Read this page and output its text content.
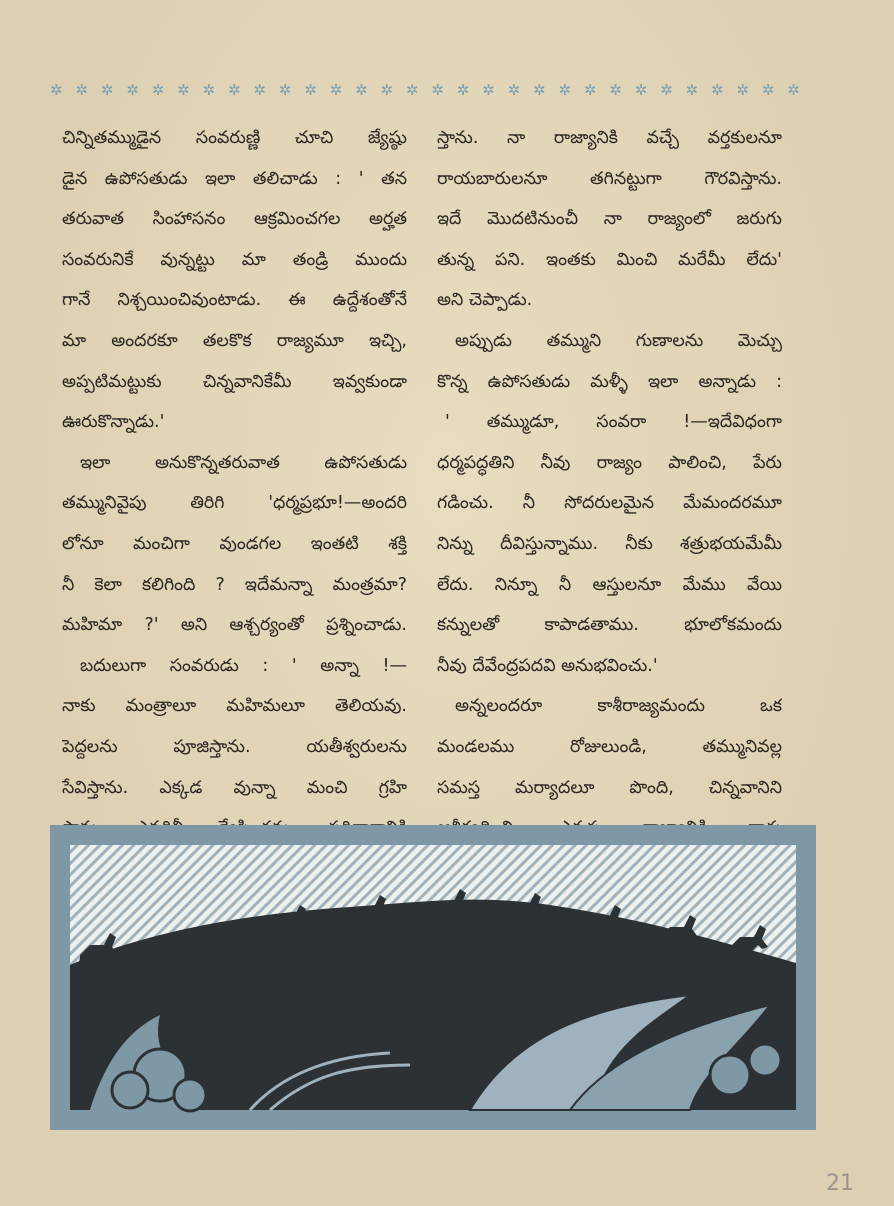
✲ ✲ ✲ ✲ ✲ ✲ ✲ ✲ ✲ ✲ ✲ ✲ ✲ ✲ ✲ ✲ ✲ ✲ ✲ ✲ ✲ ✲ ✲ ✲ ✲ ✲ ✲ ✲ ✲ ✲
చిన్నితమ్ముడైన సంవరుణ్ణి చూచి జ్యేష్ఠు
డైన ఉపోసతుడు ఇలా తలిచాడు : ' తన
తరువాత సింహాసనం ఆక్రమించగల అర్హత
సంవరునికే వున్నట్టు మా తండ్రి ముందు
గానే నిశ్చయించివుంటాడు. ఈ ఉద్దేశంతోనే
మా అందరకూ తలకొక రాజ్యమూ ఇచ్చి,
అప్పటిమట్టుకు చిన్నవానికేమీ ఇవ్వకుండా
ఊరుకొన్నాడు.'
ఇలా అనుకొన్నతరువాత ఉపోసతుడు
తమ్మునివైపు తిరిగి 'ధర్మప్రభూ!—అందరి
లోనూ మంచిగా వుండగల ఇంతటి శక్తి
నీ కెలా కలిగింది ? ఇదేమన్నా మంత్రమా?
మహిమా ?' అని ఆశ్చర్యంతో ప్రశ్నించాడు.
బదులుగా సంవరుడు : ' అన్నా !—
నాకు మంత్రాలూ మహిమలూ తెలియవు.
పెద్దలను పూజిస్తాను. యతీశ్వరులను
సేవిస్తాను. ఎక్కడ వున్నా మంచి గ్రహి
స్తాను. నా రాజ్యానికి వచ్చే వర్తకులనూ
రాయబారులనూ తగినట్టుగా గౌరవిస్తాను.
ఇదే మొదటినుంచీ నా రాజ్యంలో జరుగు
తున్న పని. ఇంతకు మించి మరేమీ లేదు'
అని చెప్పాడు.
అప్పుడు తమ్ముని గుణాలను మెచ్చు
కొన్న ఉపోసతుడు మళ్ళీ ఇలా అన్నాడు :
' తమ్ముడూ, సంవరా !—ఇదేవిధంగా
ధర్మపద్ధతిని నీవు రాజ్యం పాలించి, పేరు
గడించు. నీ సోదరులమైన మేమందరమూ
నిన్ను దీవిస్తున్నాము. నీకు శత్రుభయమేమీ
లేదు. నిన్నూ నీ ఆస్తులనూ మేము వేయి
కన్నులతో కాపాడతాము. భూలోకమందు
నీవు దేవేంద్రపదవి అనుభవించు.'
అన్నలందరూ కాశీరాజ్యమందు ఒక
మండలము రోజులుండి, తమ్మునివల్ల
సమస్త మర్యాదలూ పొంది, చిన్నవానిని
21
